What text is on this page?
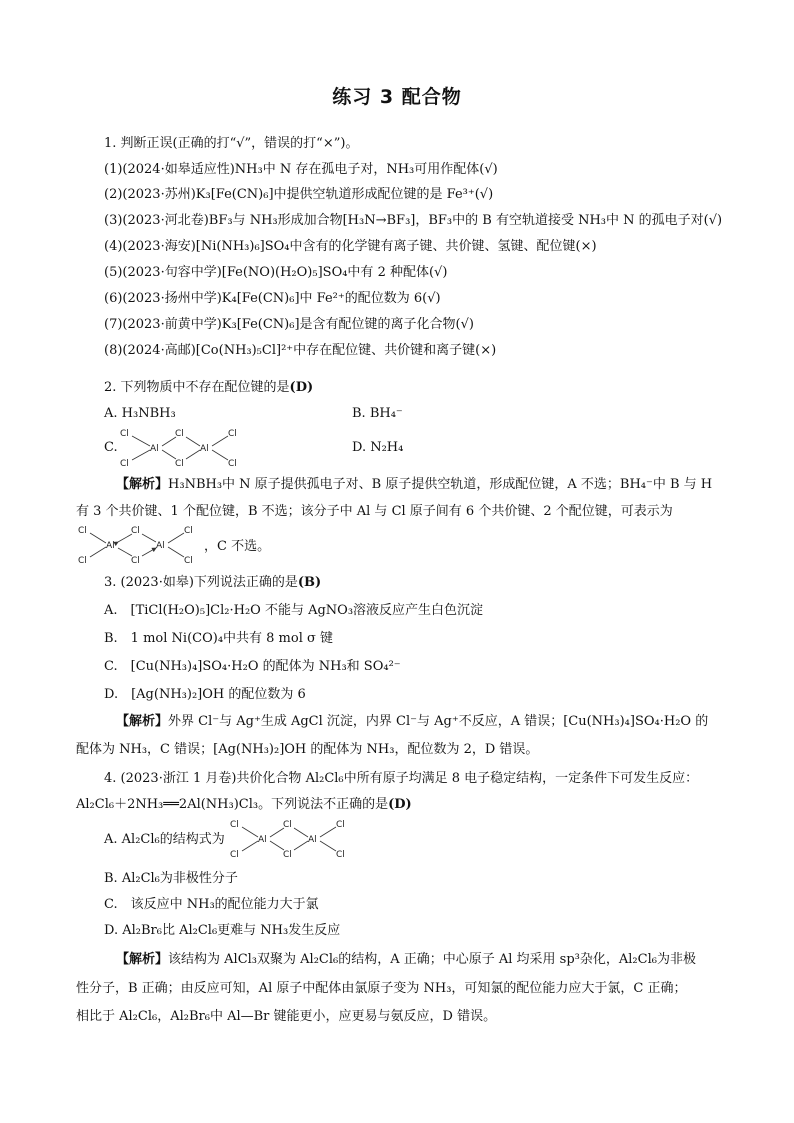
练习 3 配合物
1. 判断正误(正确的打“√”，错误的打“×”)。
(1)(2024·如皋适应性)NH₃中 N 存在孤电子对，NH₃可用作配体(√)
(2)(2023·苏州)K₃[Fe(CN)₆]中提供空轨道形成配位键的是 Fe³⁺(√)
(3)(2023·河北卷)BF₃与 NH₃形成加合物[H₃N→BF₃]，BF₃中的 B 有空轨道接受 NH₃中 N 的孤电子对(√)
(4)(2023·海安)[Ni(NH₃)₆]SO₄中含有的化学键有离子键、共价键、氢键、配位键(×)
(5)(2023·句容中学)[Fe(NO)(H₂O)₅]SO₄中有 2 种配体(√)
(6)(2023·扬州中学)K₄[Fe(CN)₆]中 Fe²⁺的配位数为 6(√)
(7)(2023·前黄中学)K₃[Fe(CN)₆]是含有配位键的离子化合物(√)
(8)(2024·高邮)[Co(NH₃)₅Cl]²⁺中存在配位键、共价键和离子键(×)
2. 下列物质中不存在配位键的是(D)
A. H₃NBH₃	B. BH₄⁻
C.
Cl
Cl
Al
Cl
Cl
Al
Cl
Cl
D. N₂H₄
【解析】H₃NBH₃中 N 原子提供孤电子对、B 原子提供空轨道，形成配位键，A 不选；BH₄⁻中 B 与 H
有 3 个共价键、1 个配位键，B 不选；该分子中 Al 与 Cl 原子间有 6 个共价键、2 个配位键，可表示为
Cl
Cl
Al
Cl
Cl
Al
Cl
Cl
，C 不选。
3. (2023·如皋)下列说法正确的是(B)
A.　[TiCl(H₂O)₅]Cl₂·H₂O 不能与 AgNO₃溶液反应产生白色沉淀
B.　1 mol Ni(CO)₄中共有 8 mol σ 键
C.　[Cu(NH₃)₄]SO₄·H₂O 的配体为 NH₃和 SO₄²⁻
D.　[Ag(NH₃)₂]OH 的配位数为 6
【解析】外界 Cl⁻与 Ag⁺生成 AgCl 沉淀，内界 Cl⁻与 Ag⁺不反应，A 错误；[Cu(NH₃)₄]SO₄·H₂O 的
配体为 NH₃，C 错误；[Ag(NH₃)₂]OH 的配体为 NH₃，配位数为 2，D 错误。
4. (2023·浙江 1 月卷)共价化合物 Al₂Cl₆中所有原子均满足 8 电子稳定结构，一定条件下可发生反应：
Al₂Cl₆＋2NH₃══2Al(NH₃)Cl₃。下列说法不正确的是(D)
A. Al₂Cl₆的结构式为
Cl
Cl
Al
Cl
Cl
Al
Cl
Cl
B. Al₂Cl₆为非极性分子
C.　该反应中 NH₃的配位能力大于氯
D. Al₂Br₆比 Al₂Cl₆更难与 NH₃发生反应
【解析】该结构为 AlCl₃双聚为 Al₂Cl₆的结构，A 正确；中心原子 Al 均采用 sp³杂化，Al₂Cl₆为非极
性分子，B 正确；由反应可知，Al 原子中配体由氯原子变为 NH₃，可知氯的配位能力应大于氯，C 正确；
相比于 Al₂Cl₆，Al₂Br₆中 Al—Br 键能更小，应更易与氨反应，D 错误。
